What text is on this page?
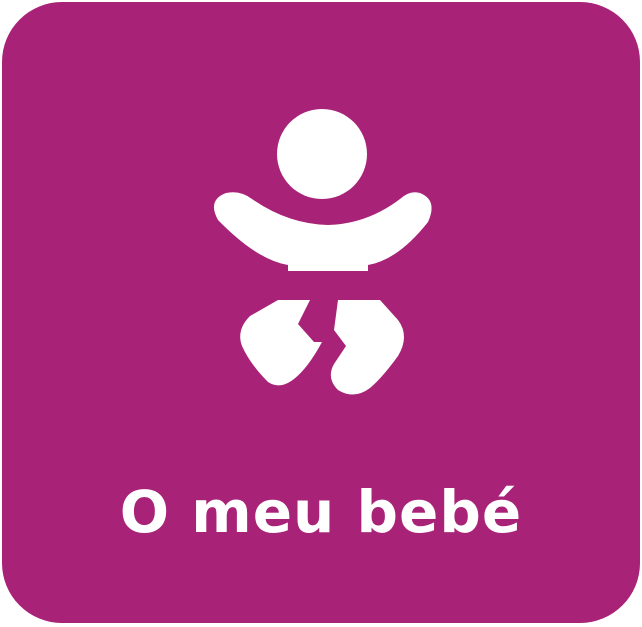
O meu bebé
